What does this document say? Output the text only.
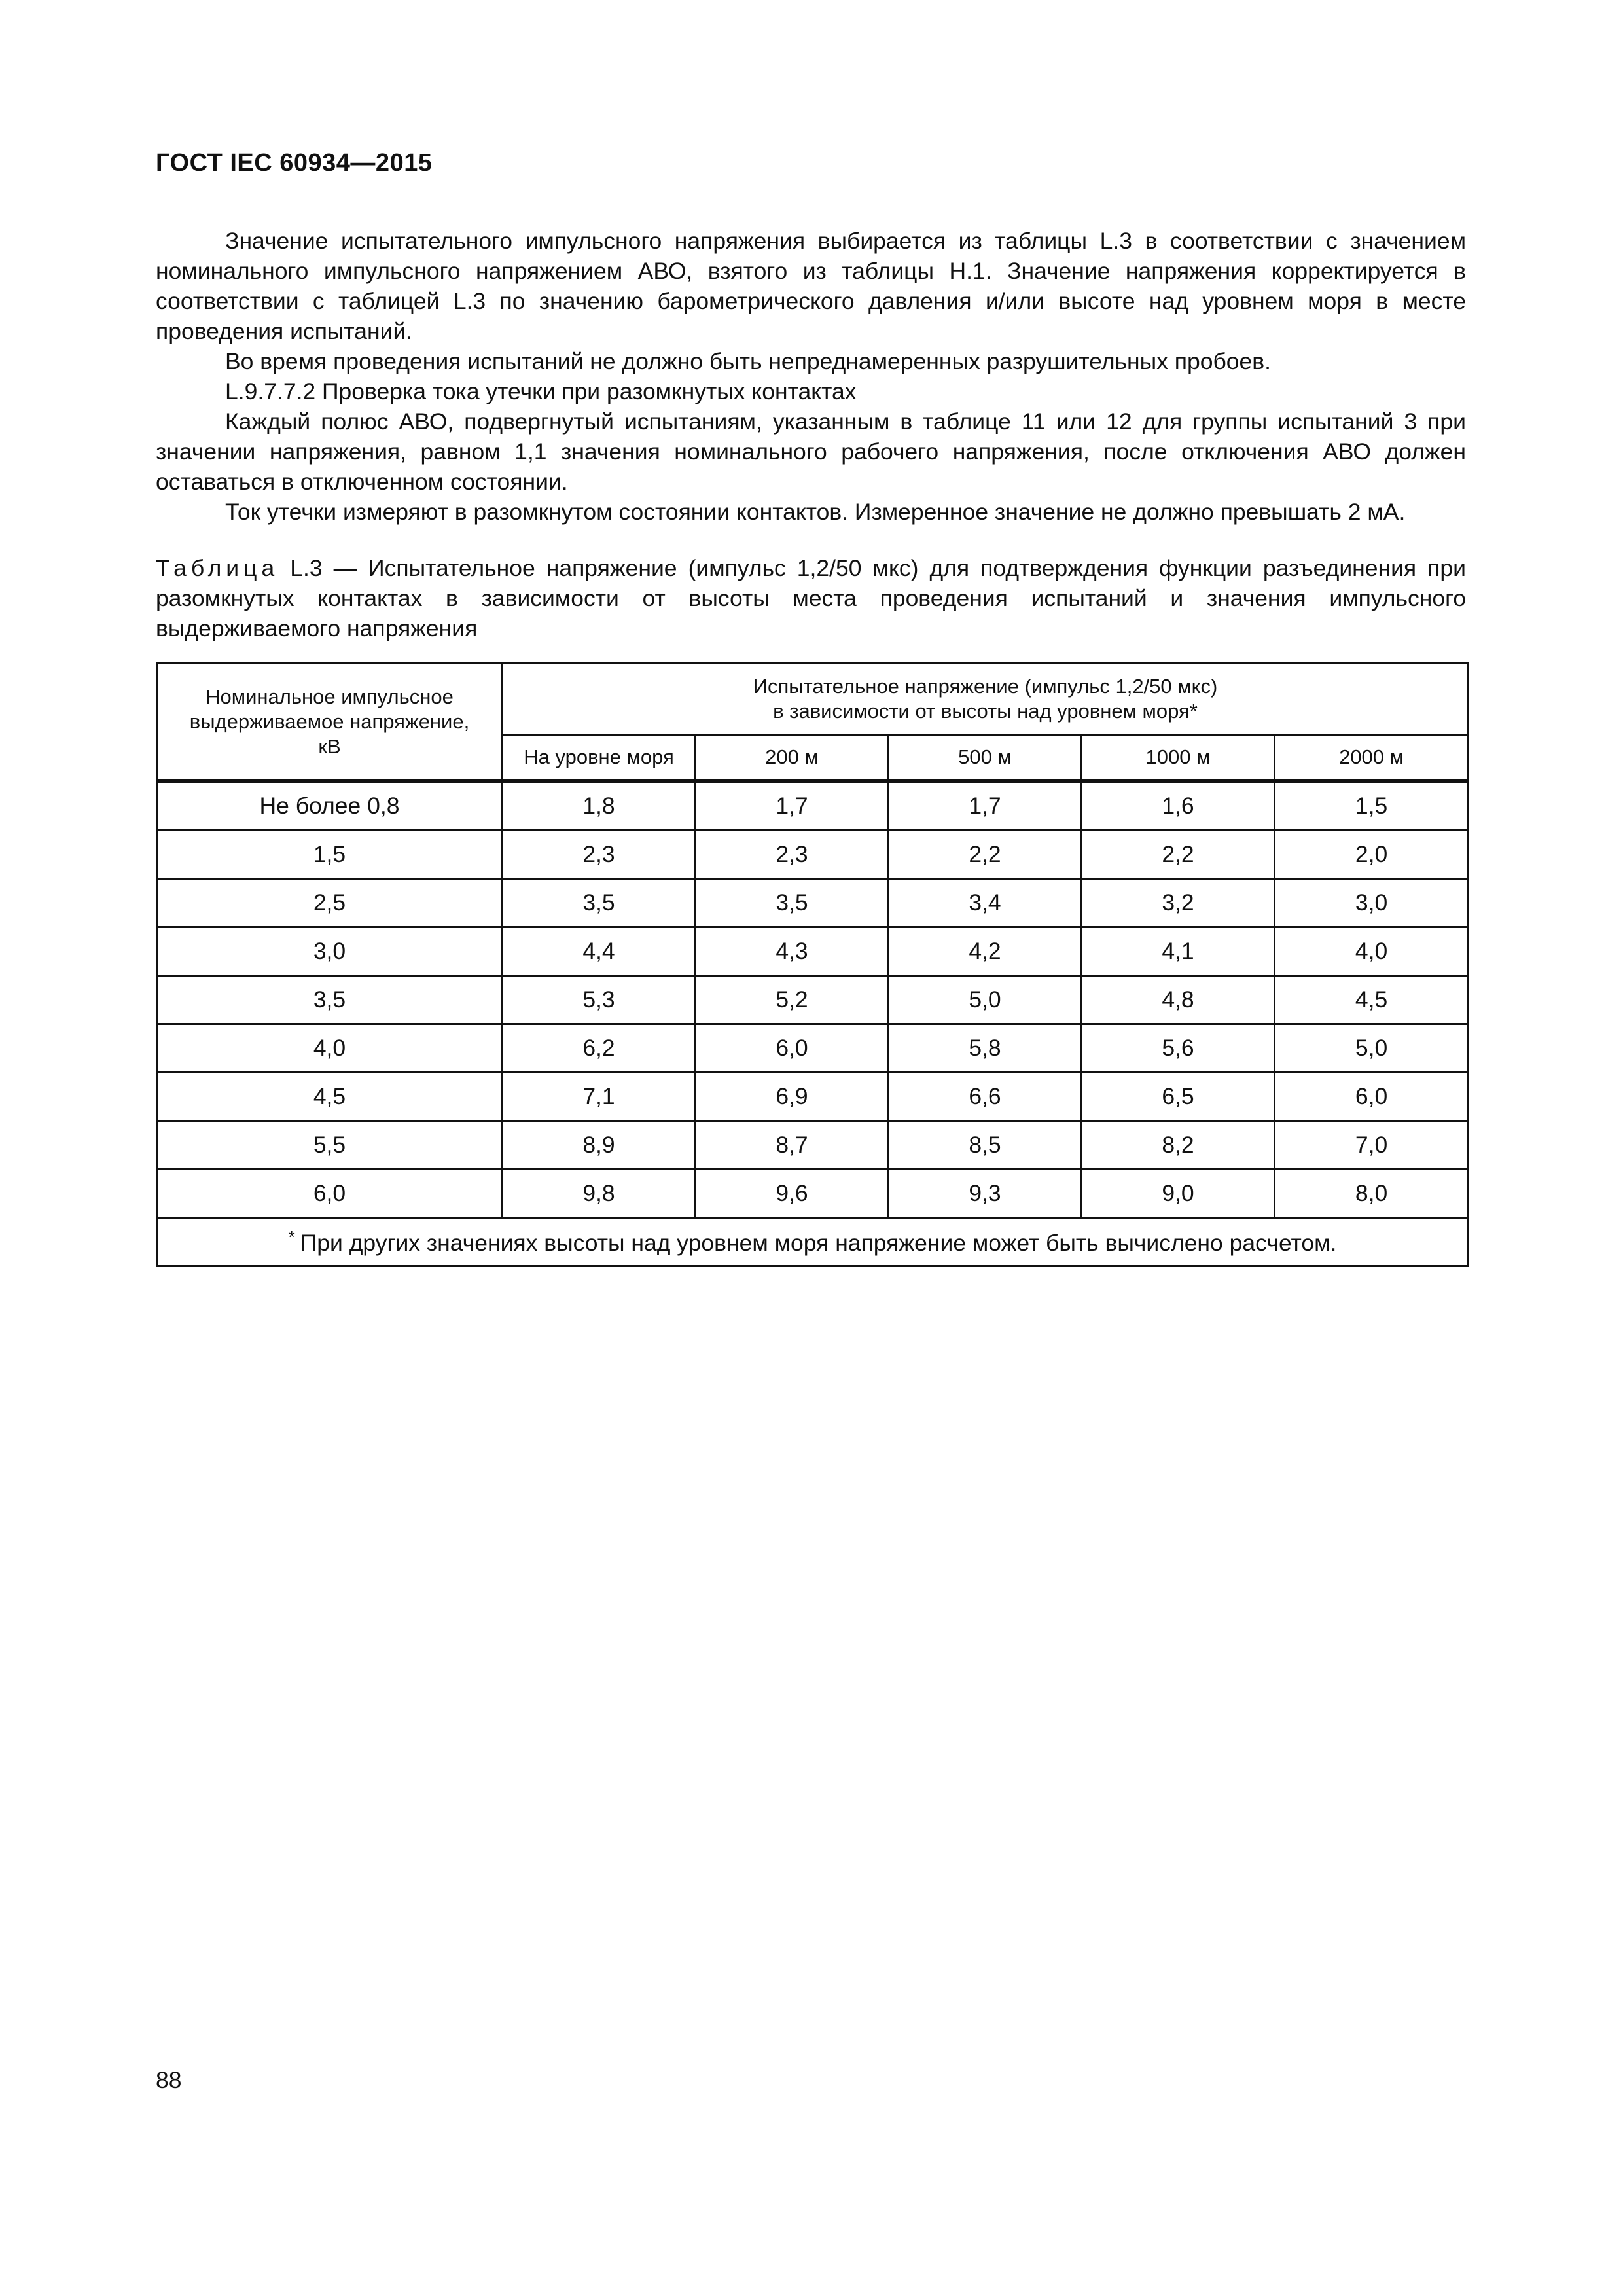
ГОСТ IEC 60934—2015

Значение испытательного импульсного напряжения выбирается из таблицы L.3 в соответствии с значением номинального импульсного напряжением АВО, взятого из таблицы Н.1. Значение напряжения корректируется в соответствии с таблицей L.3 по значению барометрического давления и/или высоте над уровнем моря в месте проведения испытаний.

Во время проведения испытаний не должно быть непреднамеренных разрушительных пробоев.

L.9.7.7.2 Проверка тока утечки при разомкнутых контактах

Каждый полюс АВО, подвергнутый испытаниям, указанным в таблице 11 или 12 для группы испытаний 3 при значении напряжения, равном 1,1 значения номинального рабочего напряжения, после отключения АВО должен оставаться в отключенном состоянии.

Ток утечки измеряют в разомкнутом состоянии контактов. Измеренное значение не должно превышать 2 мА.

Таблица L.3 — Испытательное напряжение (импульс 1,2/50 мкс) для подтверждения функции разъединения при разомкнутых контактах в зависимости от высоты места проведения испытаний и значения импульсного выдерживаемого напряжения
Номинальное импульсное выдерживаемое напряжение, кВ	Испытательное напряжение (импульс 1,2/50 мкс)
в зависимости от высоты над уровнем моря*				

	На уровне моря	200 м	500 м	1000 м	2000 м
Не более 0,8	1,8	1,7	1,7	1,6	1,5
1,5	2,3	2,3	2,2	2,2	2,0
2,5	3,5	3,5	3,4	3,2	3,0
3,0	4,4	4,3	4,2	4,1	4,0
3,5	5,3	5,2	5,0	4,8	4,5
4,0	6,2	6,0	5,8	5,6	5,0
4,5	7,1	6,9	6,6	6,5	6,0
5,5	8,9	8,7	8,5	8,2	7,0
6,0	9,8	9,6	9,3	9,0	8,0
* При других значениях высоты над уровнем моря напряжение может быть вычислено расчетом.					
88
